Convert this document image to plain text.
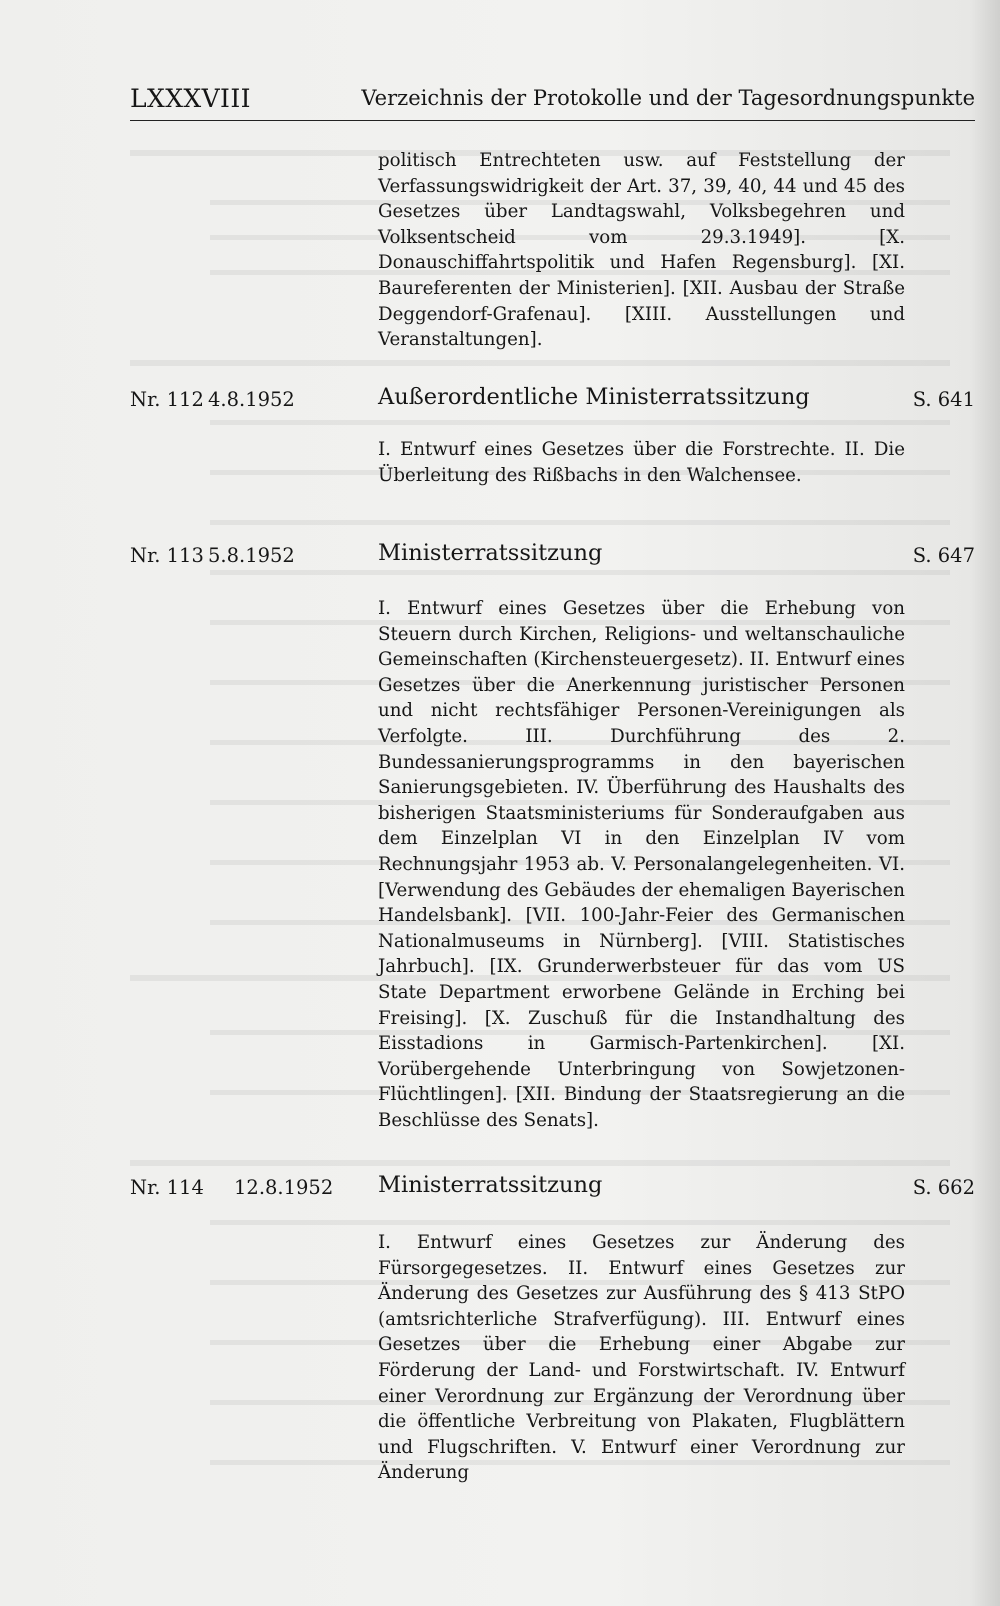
LXXXVIII	Verzeichnis der Protokolle und der Tagesordnungspunkte
politisch Entrechteten usw. auf Feststellung der Verfassungswidrigkeit der Art. 37, 39, 40, 44 und 45 des Gesetzes über Landtagswahl, Volksbegehren und Volksentscheid vom 29.3.1949]. [X. Donauschiffahrtspolitik und Hafen Regensburg]. [XI. Baureferenten der Ministerien]. [XII. Ausbau der Straße Deggendorf-Grafenau]. [XIII. Ausstellungen und Veranstaltungen].
Nr. 112 4.8.1952	Außerordentliche Ministerratssitzung	S. 641
I. Entwurf eines Gesetzes über die Forstrechte. II. Die Überleitung des Rißbachs in den Walchensee.
Nr. 113 5.8.1952	Ministerratssitzung	S. 647
I. Entwurf eines Gesetzes über die Erhebung von Steuern durch Kirchen, Religions- und weltanschauliche Gemeinschaften (Kirchensteuergesetz). II. Entwurf eines Gesetzes über die Anerkennung juristischer Personen und nicht rechtsfähiger Personen-Vereinigungen als Verfolgte. III. Durchführung des 2. Bundessanierungsprogramms in den bayerischen Sanierungsgebieten. IV. Überführung des Haushalts des bisherigen Staatsministeriums für Sonderaufgaben aus dem Einzelplan VI in den Einzelplan IV vom Rechnungsjahr 1953 ab. V. Personalangelegenheiten. VI. [Verwendung des Gebäudes der ehemaligen Bayerischen Handelsbank]. [VII. 100-Jahr-Feier des Germanischen Nationalmuseums in Nürnberg]. [VIII. Statistisches Jahrbuch]. [IX. Grunderwerbsteuer für das vom US State Department erworbene Gelände in Erching bei Freising]. [X. Zuschuß für die Instandhaltung des Eisstadions in Garmisch-Partenkirchen]. [XI. Vorübergehende Unterbringung von Sowjetzonen-Flüchtlingen]. [XII. Bindung der Staatsregierung an die Beschlüsse des Senats].
Nr. 114 12.8.1952 Ministerratssitzung	S. 662
I. Entwurf eines Gesetzes zur Änderung des Fürsorgegesetzes. II. Entwurf eines Gesetzes zur Änderung des Gesetzes zur Ausführung des § 413 StPO (amtsrichterliche Strafverfügung). III. Entwurf eines Gesetzes über die Erhebung einer Abgabe zur Förderung der Land- und Forstwirtschaft. IV. Entwurf einer Verordnung zur Ergänzung der Verordnung über die öffentliche Verbreitung von Plakaten, Flugblättern und Flugschriften. V. Entwurf einer Verordnung zur Änderung
